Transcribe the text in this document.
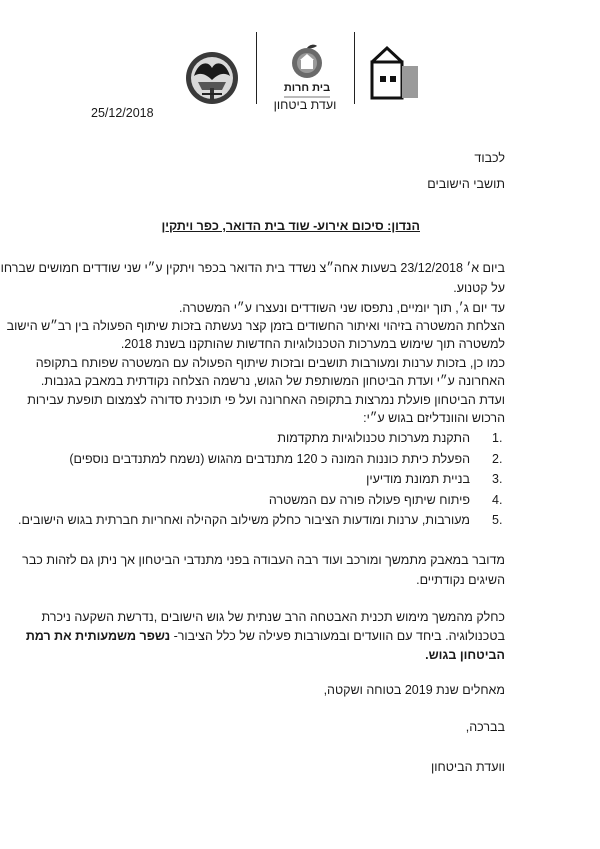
בית חרות
ועדת ביטחון
25/12/2018
לכבוד
תושבי הישובים
הנדון: סיכום אירוע- שוד בית הדואר, כפר ויתקין
ביום א׳ 23/12/2018 בשעות אחה״צ נשדד בית הדואר בכפר ויתקין ע״י שני שודדים חמושים שברחו
על קטנוע.
עד יום ג׳, תוך יומיים, נתפסו שני השודדים ונעצרו ע״י המשטרה.
הצלחת המשטרה בזיהוי ואיתור החשודים בזמן קצר נעשתה בזכות שיתוף הפעולה בין רב״ש הישוב
למשטרה תוך שימוש במערכות הטכנולוגיות החדשות שהותקנו בשנת 2018.
כמו כן, בזכות ערנות ומעורבות תושבים ובזכות שיתוף הפעולה עם המשטרה שפותח בתקופה
האחרונה ע״י ועדת הביטחון המשותפת של הגוש, נרשמה הצלחה נקודתית במאבק בגנבות.
ועדת הביטחון פועלת נמרצות בתקופה האחרונה ועל פי תוכנית סדורה לצמצום תופעת עבירות
הרכוש והוונדליזם בגוש ע״י:
1.
התקנת מערכות טכנולוגיות מתקדמות
2.
הפעלת כיתת כוננות המונה כ 120 מתנדבים מהגוש (נשמח למתנדבים נוספים)
3.
בניית תמונת מודיעין
4.
פיתוח שיתוף פעולה פורה עם המשטרה
5.
מעורבות, ערנות ומודעות הציבור כחלק משילוב הקהילה ואחריות חברתית בגוש הישובים.
מדובר במאבק מתמשך ומורכב ועוד רבה העבודה בפני מתנדבי הביטחון אך ניתן גם לזהות כבר
השיגים נקודתיים.
כחלק מהמשך מימוש תכנית האבטחה הרב שנתית של גוש הישובים ,נדרשת השקעה ניכרת
בטכנולוגיה. ביחד עם הוועדים ובמעורבות פעילה של כלל הציבור- נשפר משמעותית את רמת
הביטחון בגוש.
מאחלים שנת 2019 בטוחה ושקטה,
בברכה,
וועדת הביטחון
